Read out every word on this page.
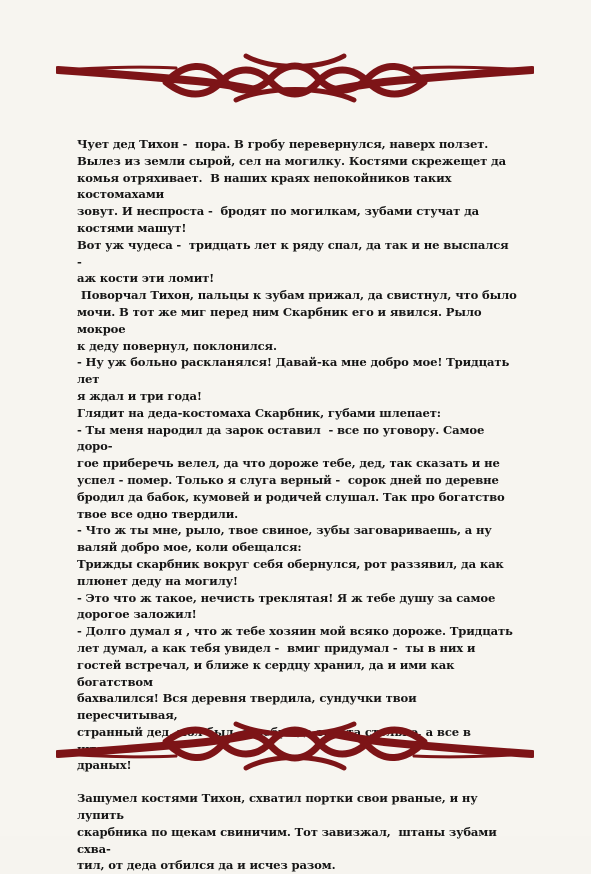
Чует дед Тихон -  пора. В гробу перевернулся, наверх ползет.

Вылез из земли сырой, сел на могилку. Костями скрежещет да

комья отряхивает.  В наших краях непокойников таких костомахами

зовут. И неспроста -  бродят по могилкам, зубами стучат да

костями машут!

Вот уж чудеса -  тридцать лет к ряду спал, да так и не выспался -

аж кости эти ломит!

Поворчал Тихон, пальцы к зубам прижал, да свистнул, что было

мочи. В тот же миг перед ним Скарбник его и явился. Рыло мокрое

к деду повернул, поклонился.

- Ну уж больно раскланялся! Давай-ка мне добро мое! Тридцать лет

я ждал и три года!

Глядит на деда-костомаха Скарбник, губами шлепает:

- Ты меня народил да зарок оставил  - все по уговору. Самое доро-

гое приберечь велел, да что дороже тебе, дед, так сказать и не

успел - помер. Только я слуга верный -  сорок дней по деревне

бродил да бабок, кумовей и родичей слушал. Так про богатство

твое все одно твердили.

- Что ж ты мне, рыло, твое свиное, зубы заговариваешь, а ну

валяй добро мое, коли обещался:

Трижды скарбник вокруг себя обернулся, рот раззявил, да как

плюнет деду на могилу!

- Это что ж такое, нечисть треклятая! Я ж тебе душу за самое

дорогое заложил!

- Долго думал я , что ж тебе хозяин мой всяко дороже. Тридцать

лет думал, а как тебя увидел -  вмиг придумал -  ты в них и

гостей встречал, и ближе к сердцу хранил, да и ими как богатством

бахвалился! Вся деревня твердила, сундучки твои пересчитывая,

странный дед, мол был, серебра да золота столько, а все в штанах

драных!

Зашумел костями Тихон, схватил портки свои рваные, и ну лупить

скарбника по щекам свиничим. Тот завизжал,  штаны зубами схва-

тил, от деда отбился да и исчез разом.
